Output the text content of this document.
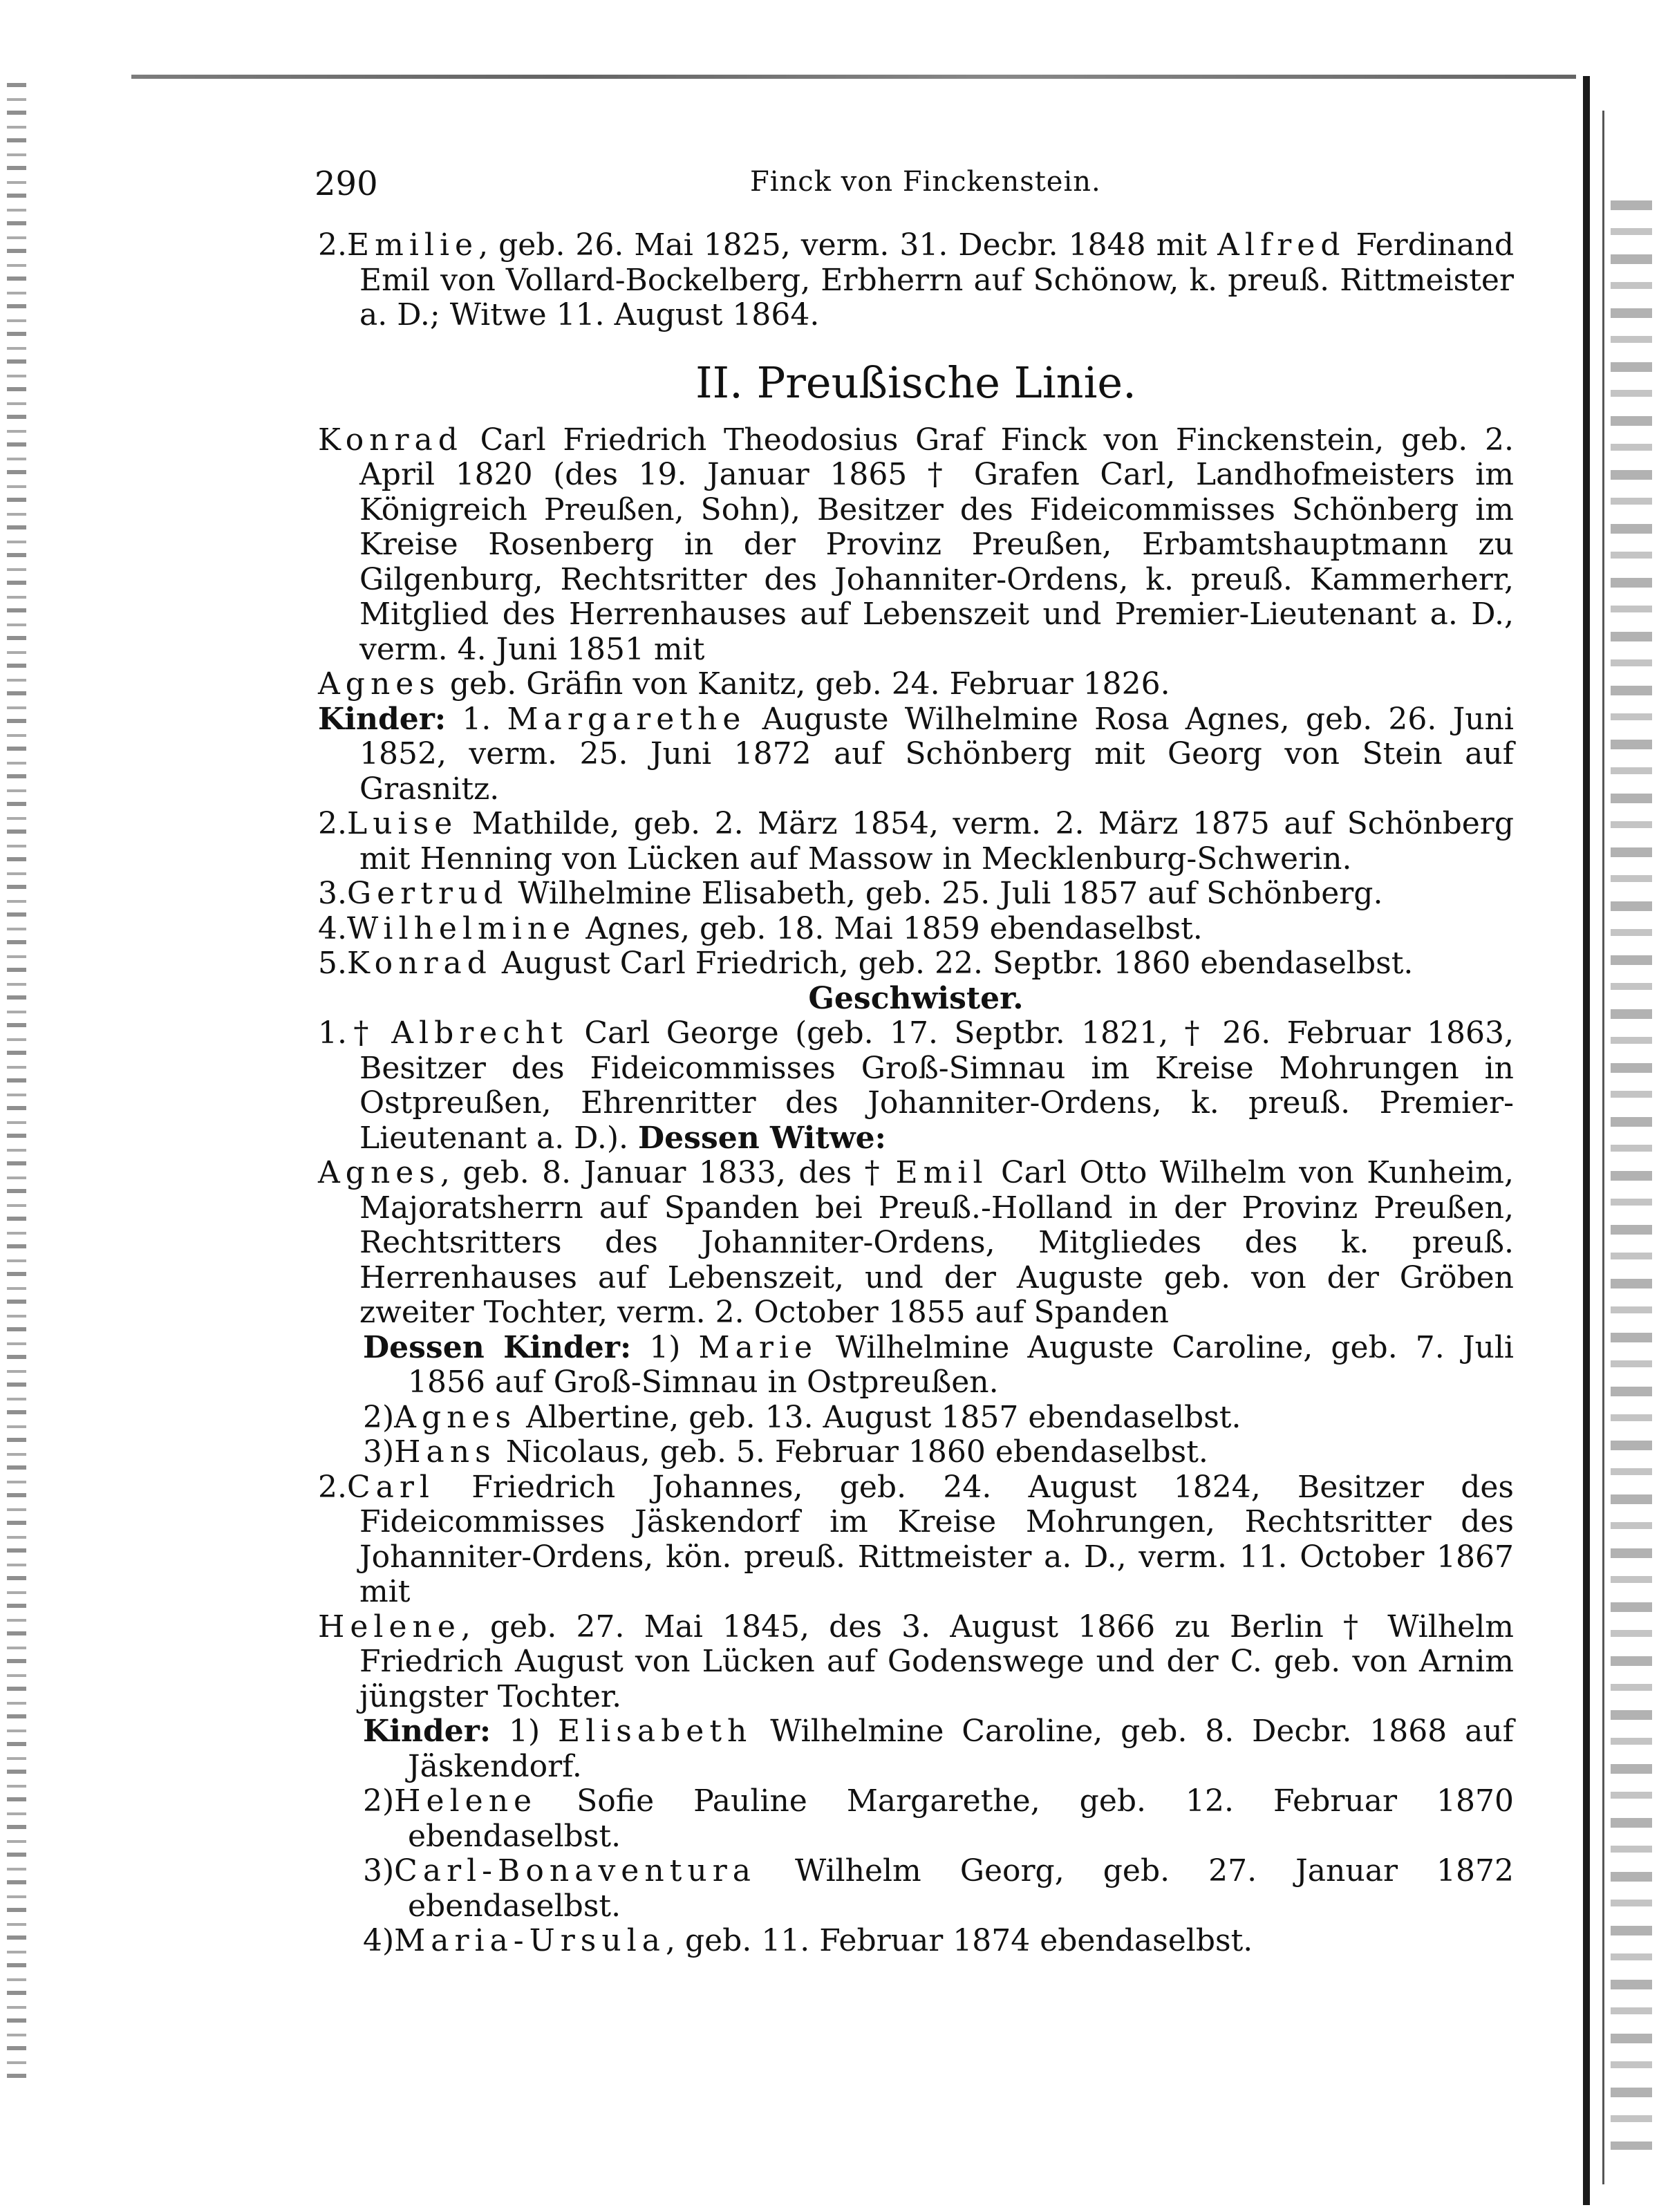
290	Finck von Finckenstein.

2.Emilie, geb. 26. Mai 1825, verm. 31. Decbr. 1848 mit Alfred Ferdinand Emil von Vollard-Bockelberg, Erbherrn auf Schönow, k. preuß. Rittmeister a. D.; Witwe 11. August 1864.

II. Preußische Linie.

Konrad Carl Friedrich Theodosius Graf Finck von Finckenstein, geb. 2. April 1820 (des 19. Januar 1865 † Grafen Carl, Landhofmeisters im Königreich Preußen, Sohn), Besitzer des Fideicommisses Schönberg im Kreise Rosenberg in der Provinz Preußen, Erbamtshauptmann zu Gilgenburg, Rechtsritter des Johanniter-Ordens, k. preuß. Kammerherr, Mitglied des Herrenhauses auf Lebenszeit und Premier-Lieutenant a. D., verm. 4. Juni 1851 mit

Agnes geb. Gräfin von Kanitz, geb. 24. Februar 1826.

Kinder: 1. Margarethe Auguste Wilhelmine Rosa Agnes, geb. 26. Juni 1852, verm. 25. Juni 1872 auf Schönberg mit Georg von Stein auf Grasnitz.

2.Luise Mathilde, geb. 2. März 1854, verm. 2. März 1875 auf Schönberg mit Henning von Lücken auf Massow in Mecklenburg-Schwerin.

3.Gertrud Wilhelmine Elisabeth, geb. 25. Juli 1857 auf Schönberg.

4.Wilhelmine Agnes, geb. 18. Mai 1859 ebendaselbst.

5.Konrad August Carl Friedrich, geb. 22. Septbr. 1860 ebendaselbst.

Geschwister.

1.† Albrecht Carl George (geb. 17. Septbr. 1821, † 26. Februar 1863, Besitzer des Fideicommisses Groß-Simnau im Kreise Mohrungen in Ostpreußen, Ehrenritter des Johanniter-Ordens, k. preuß. Premier-Lieutenant a. D.). Dessen Witwe:

Agnes, geb. 8. Januar 1833, des † Emil Carl Otto Wilhelm von Kunheim, Majoratsherrn auf Spanden bei Preuß.-Holland in der Provinz Preußen, Rechtsritters des Johanniter-Ordens, Mitgliedes des k. preuß. Herrenhauses auf Lebenszeit, und der Auguste geb. von der Gröben zweiter Tochter, verm. 2. October 1855 auf Spanden

Dessen Kinder: 1) Marie Wilhelmine Auguste Caroline, geb. 7. Juli 1856 auf Groß-Simnau in Ostpreußen.

2)Agnes Albertine, geb. 13. August 1857 ebendaselbst.

3)Hans Nicolaus, geb. 5. Februar 1860 ebendaselbst.

2.Carl Friedrich Johannes, geb. 24. August 1824, Besitzer des Fideicommisses Jäskendorf im Kreise Mohrungen, Rechtsritter des Johanniter-Ordens, kön. preuß. Rittmeister a. D., verm. 11. October 1867 mit

Helene, geb. 27. Mai 1845, des 3. August 1866 zu Berlin † Wilhelm Friedrich August von Lücken auf Godenswege und der C. geb. von Arnim jüngster Tochter.

Kinder: 1) Elisabeth Wilhelmine Caroline, geb. 8. Decbr. 1868 auf Jäskendorf.

2)Helene Sofie Pauline Margarethe, geb. 12. Februar 1870 ebendaselbst.

3)Carl-Bonaventura Wilhelm Georg, geb. 27. Januar 1872 ebendaselbst.

4)Maria-Ursula, geb. 11. Februar 1874 ebendaselbst.
